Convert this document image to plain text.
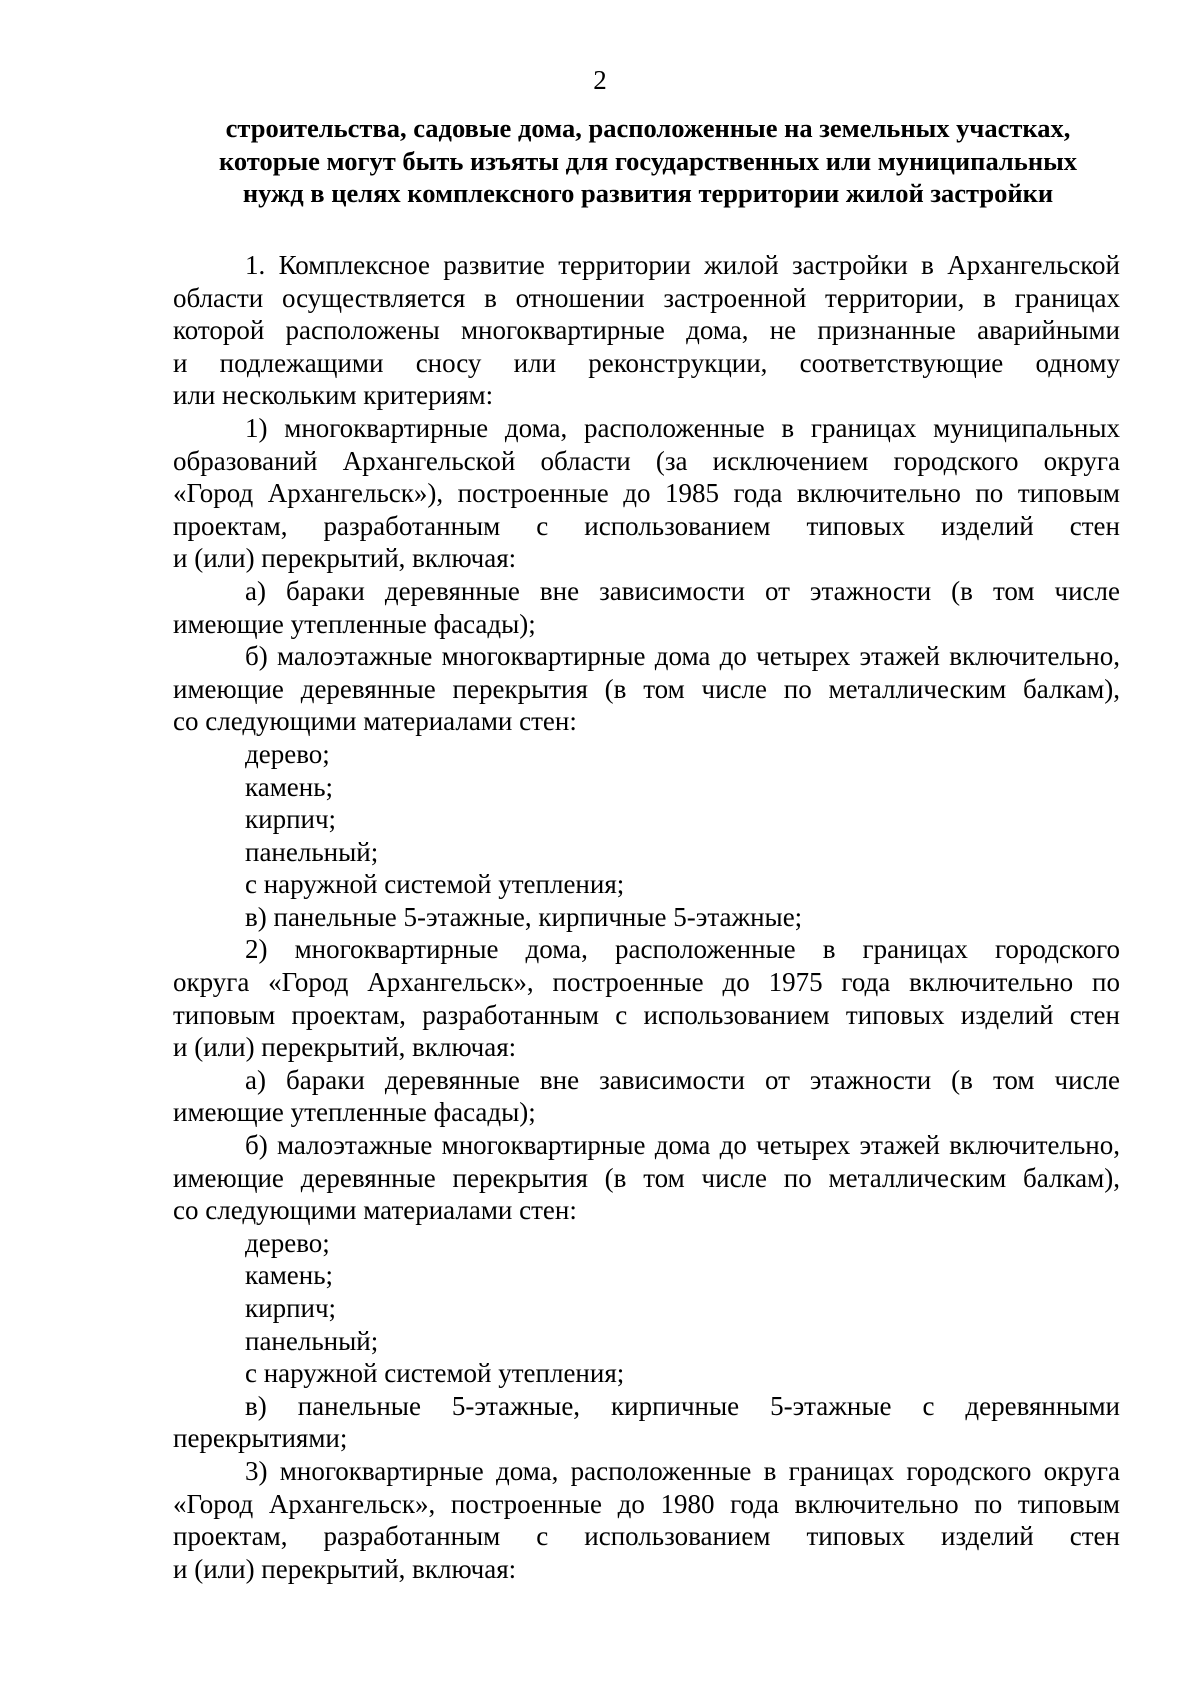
2
строительства, садовые дома, расположенные на земельных участках,
которые могут быть изъяты для государственных или муниципальных
нужд в целях комплексного развития территории жилой застройки
1. Комплексное развитие территории жилой застройки в Архангельской
области осуществляется в отношении застроенной территории, в границах
которой расположены многоквартирные дома, не признанные аварийными
и подлежащими сносу или реконструкции, соответствующие одному
или нескольким критериям:
1) многоквартирные дома, расположенные в границах муниципальных
образований Архангельской области (за исключением городского округа
«Город Архангельск»), построенные до 1985 года включительно по типовым
проектам, разработанным с использованием типовых изделий стен
и (или) перекрытий, включая:
а) бараки деревянные вне зависимости от этажности (в том числе
имеющие утепленные фасады);
б) малоэтажные многоквартирные дома до четырех этажей включительно,
имеющие деревянные перекрытия (в том числе по металлическим балкам),
со следующими материалами стен:
дерево;
камень;
кирпич;
панельный;
с наружной системой утепления;
в) панельные 5-этажные, кирпичные 5-этажные;
2) многоквартирные дома, расположенные в границах городского
округа «Город Архангельск», построенные до 1975 года включительно по
типовым проектам, разработанным с использованием типовых изделий стен
и (или) перекрытий, включая:
а) бараки деревянные вне зависимости от этажности (в том числе
имеющие утепленные фасады);
б) малоэтажные многоквартирные дома до четырех этажей включительно,
имеющие деревянные перекрытия (в том числе по металлическим балкам),
со следующими материалами стен:
дерево;
камень;
кирпич;
панельный;
с наружной системой утепления;
в) панельные 5-этажные, кирпичные 5-этажные с деревянными
перекрытиями;
3) многоквартирные дома, расположенные в границах городского округа
«Город Архангельск», построенные до 1980 года включительно по типовым
проектам, разработанным с использованием типовых изделий стен
и (или) перекрытий, включая:
